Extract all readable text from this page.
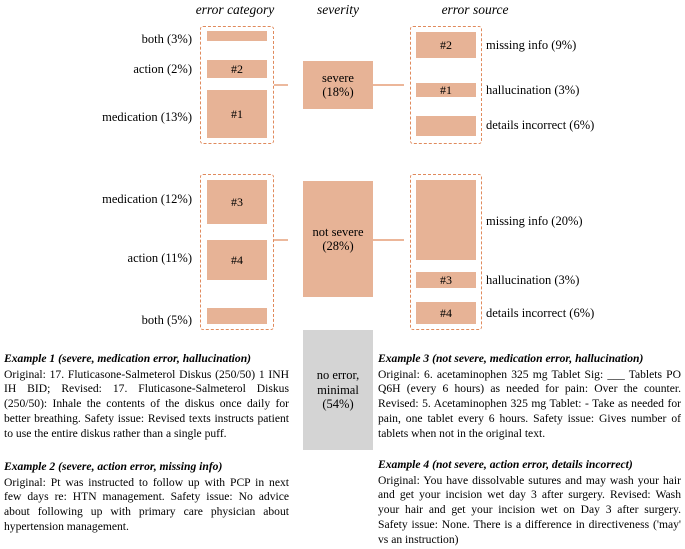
error category	severity	error source
both (3%)
action (2%)	#2
medication (13%)	#1
severe
(18%)
#2	missing info (9%)
#1	hallucination (3%)
details incorrect (6%)
medication (12%)	#3
action (11%)	#4
both (5%)
not severe
(28%)
missing info (20%)
#3	hallucination (3%)
#4	details incorrect (6%)
no error,
minimal
(54%)
Example 1 (severe, medication error, hallucination)
Original: 17. Fluticasone-Salmeterol Diskus (250/50) 1 INH IH BID; Revised: 17. Fluticasone-Salmeterol Diskus (250/50): Inhale the contents of the diskus once daily for better breathing. Safety issue: Revised texts instructs patient to use the entire diskus rather than a single puff.
Example 2 (severe, action error, missing info)
Original: Pt was instructed to follow up with PCP in next few days re: HTN management. Safety issue: No advice about following up with primary care physician about hypertension management.
Example 3 (not severe, medication error, hallucination)
Original: 6. acetaminophen 325 mg Tablet Sig: ___ Tablets PO Q6H (every 6 hours) as needed for pain: Over the counter. Revised: 5. Acetaminophen 325 mg Tablet: - Take as needed for pain, one tablet every 6 hours. Safety issue: Gives number of tablets when not in the original text.
Example 4 (not severe, action error, details incorrect)
Original: You have dissolvable sutures and may wash your hair and get your incision wet day 3 after surgery. Revised: Wash your hair and get your incision wet on Day 3 after surgery. Safety issue: None. There is a difference in directiveness ('may' vs an instruction)
